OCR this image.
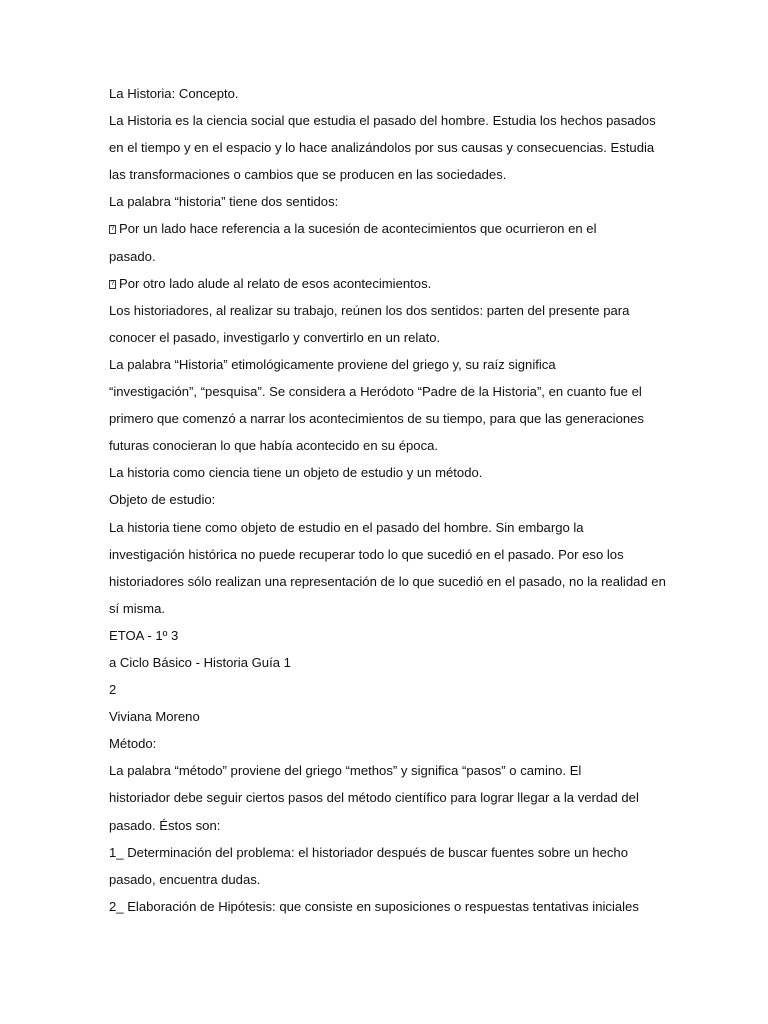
La Historia: Concepto.
La Historia es la ciencia social que estudia el pasado del hombre. Estudia los hechos pasados
en el tiempo y en el espacio y lo hace analizándolos por sus causas y consecuencias. Estudia
las transformaciones o cambios que se producen en las sociedades.
La palabra “historia” tiene dos sentidos:
?Por un lado hace referencia a la sucesión de acontecimientos que ocurrieron en el
pasado.
?Por otro lado alude al relato de esos acontecimientos.
Los historiadores, al realizar su trabajo, reúnen los dos sentidos: parten del presente para
conocer el pasado, investigarlo y convertirlo en un relato.
La palabra “Historia” etimológicamente proviene del griego y, su raíz significa
“investigación”, “pesquisa”. Se considera a Heródoto “Padre de la Historia”, en cuanto fue el
primero que comenzó a narrar los acontecimientos de su tiempo, para que las generaciones
futuras conocieran lo que había acontecido en su época.
La historia como ciencia tiene un objeto de estudio y un método.
Objeto de estudio:
La historia tiene como objeto de estudio en el pasado del hombre. Sin embargo la
investigación histórica no puede recuperar todo lo que sucedió en el pasado. Por eso los
historiadores sólo realizan una representación de lo que sucedió en el pasado, no la realidad en
sí misma.
ETOA - 1º 3
a Ciclo Básico - Historia Guía 1
2
Viviana Moreno
Método:
La palabra “método” proviene del griego “methos” y significa “pasos” o camino. El
historiador debe seguir ciertos pasos del método científico para lograr llegar a la verdad del
pasado. Éstos son:
1_ Determinación del problema: el historiador después de buscar fuentes sobre un hecho
pasado, encuentra dudas.
2_ Elaboración de Hipótesis: que consiste en suposiciones o respuestas tentativas iniciales
